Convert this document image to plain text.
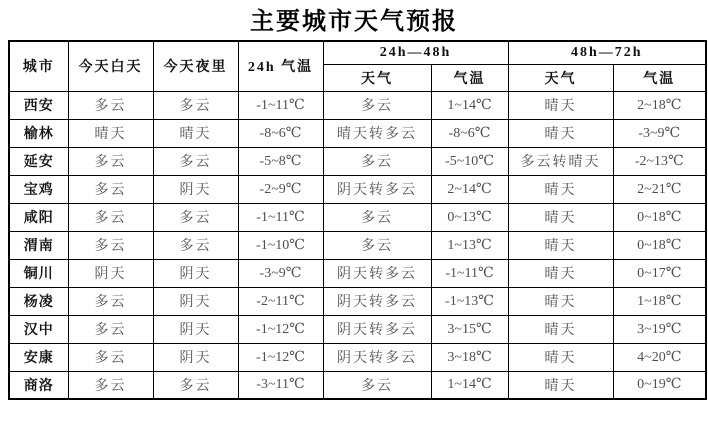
主要城市天气预报
城市	今天白天	今天夜里	24h 气温	24h—48h		48h—72h	
				天气	气温	天气	气温
西安	多云	多云	-1~11℃	多云	1~14℃	晴天	2~18℃
榆林	晴天	晴天	-8~6℃	晴天转多云	-8~6℃	晴天	-3~9℃
延安	多云	多云	-5~8℃	多云	-5~10℃	多云转晴天	-2~13℃
宝鸡	多云	阴天	-2~9℃	阴天转多云	2~14℃	晴天	2~21℃
咸阳	多云	多云	-1~11℃	多云	0~13℃	晴天	0~18℃
渭南	多云	多云	-1~10℃	多云	1~13℃	晴天	0~18℃
铜川	阴天	阴天	-3~9℃	阴天转多云	-1~11℃	晴天	0~17℃
杨凌	多云	阴天	-2~11℃	阴天转多云	-1~13℃	晴天	1~18℃
汉中	多云	阴天	-1~12℃	阴天转多云	3~15℃	晴天	3~19℃
安康	多云	阴天	-1~12℃	阴天转多云	3~18℃	晴天	4~20℃
商洛	多云	多云	-3~11℃	多云	1~14℃	晴天	0~19℃
